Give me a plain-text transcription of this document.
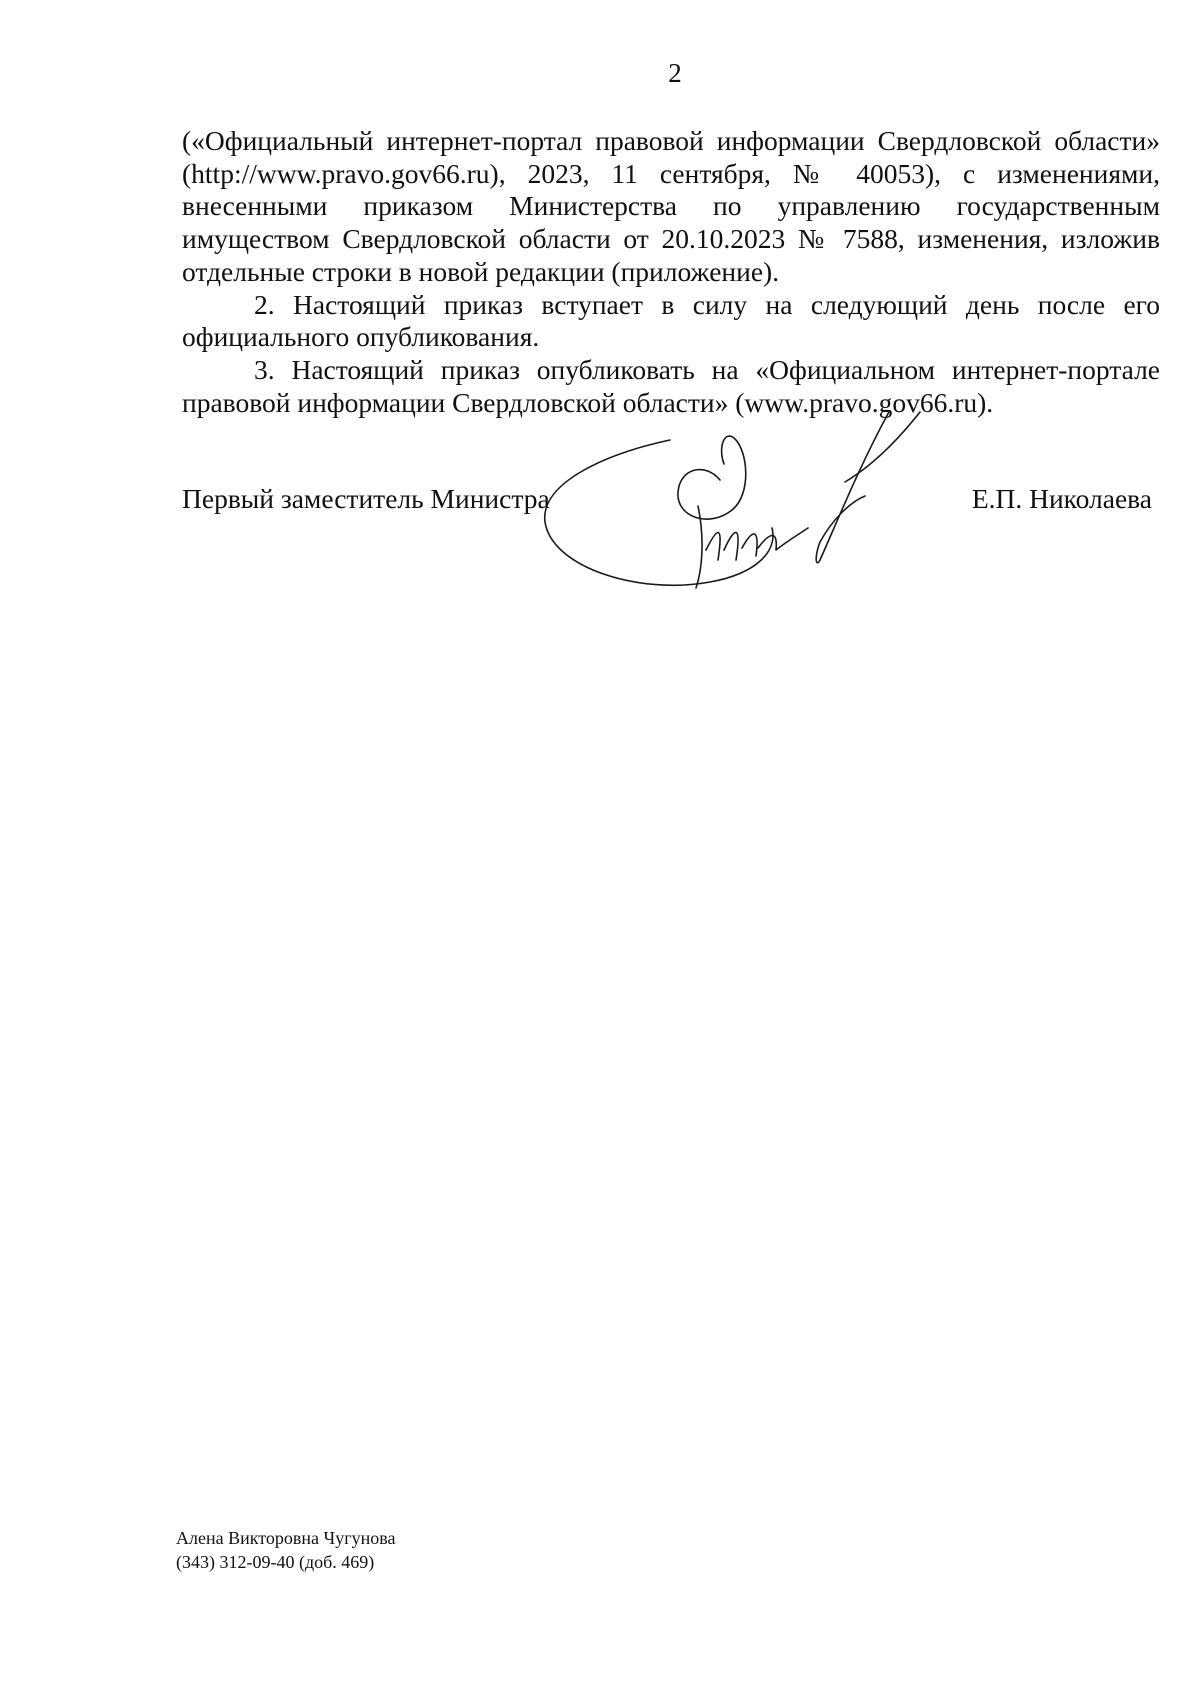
2

(«Официальный интернет-портал правовой информации Свердловской области» (http://www.pravo.gov66.ru), 2023, 11 сентября, № 40053), с изменениями, внесенными приказом Министерства по управлению государственным имуществом Свердловской области от 20.10.2023 № 7588, изменения, изложив отдельные строки в новой редакции (приложение).

2. Настоящий приказ вступает в силу на следующий день после его официального опубликования.

3. Настоящий приказ опубликовать на «Официальном интернет-портале правовой информации Свердловской области» (www.pravo.gov66.ru).

Первый заместитель Министра	Е.П. Николаева
Алена Викторовна Чугунова
(343) 312-09-40 (доб. 469)
